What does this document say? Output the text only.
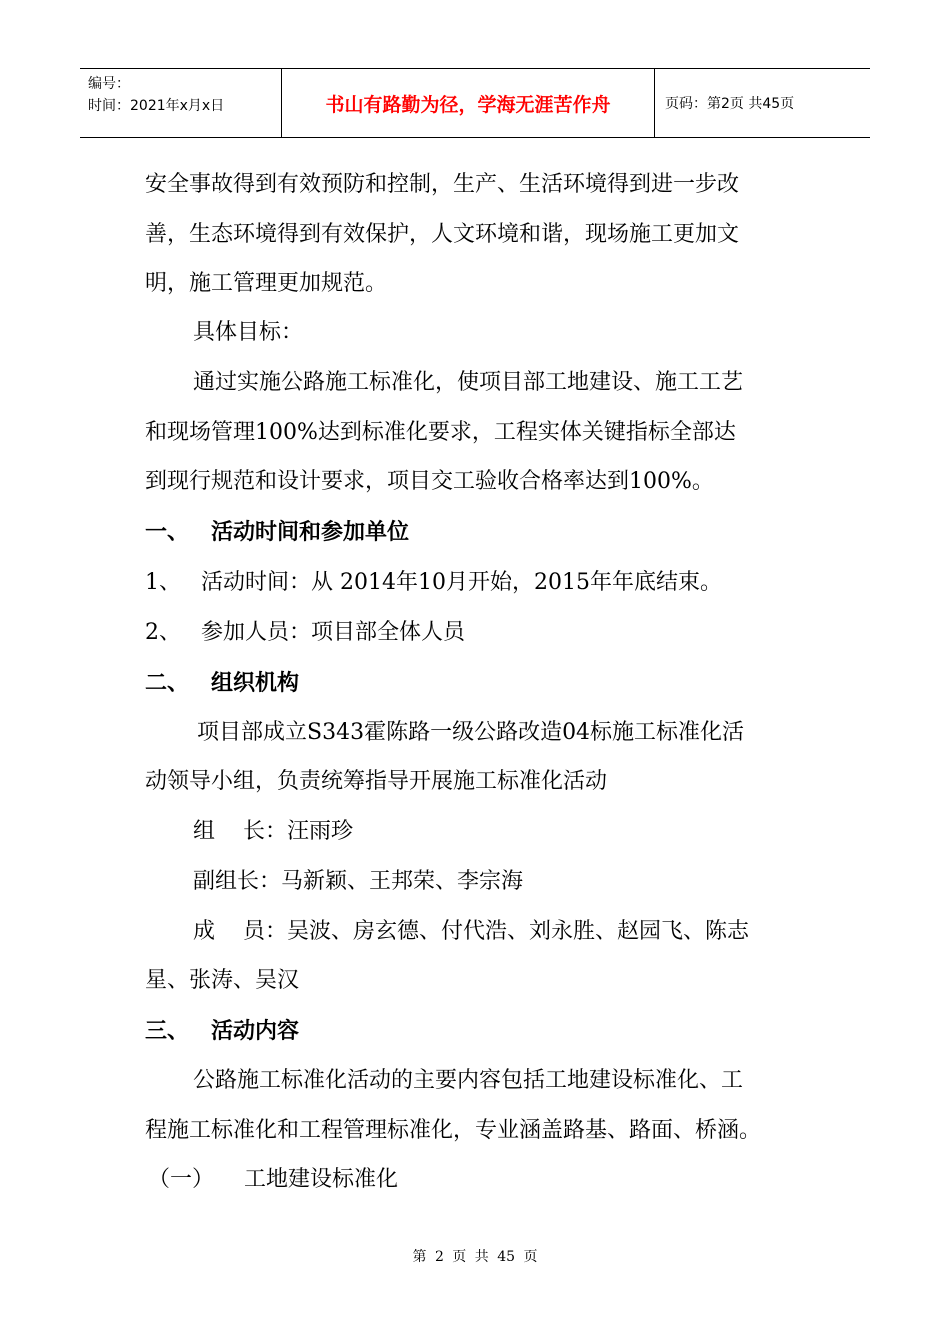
编号：
时间：2021年x月x日	书山有路勤为径，学海无涯苦作舟	页码：第2页 共45页
安全事故得到有效预防和控制，生产、生活环境得到进一步改
善，生态环境得到有效保护，人文环境和谐，现场施工更加文
明，施工管理更加规范。
具体目标：
通过实施公路施工标准化，使项目部工地建设、施工工艺
和现场管理100%达到标准化要求，工程实体关键指标全部达
到现行规范和设计要求，项目交工验收合格率达到100%。
一、 活动时间和参加单位
1、 活动时间：从 2014年10月开始，2015年年底结束。
2、 参加人员：项目部全体人员
二、 组织机构
项目部成立S343霍陈路一级公路改造04标施工标准化活
动领导小组，负责统筹指导开展施工标准化活动
组    长：汪雨珍
副组长：马新颖、王邦荣、李宗海
成    员：吴波、房玄德、付代浩、刘永胜、赵园飞、陈志
星、张涛、吴汉
三、 活动内容
公路施工标准化活动的主要内容包括工地建设标准化、工
程施工标准化和工程管理标准化，专业涵盖路基、路面、桥涵。
（一） 工地建设标准化
第 2 页 共 45 页
